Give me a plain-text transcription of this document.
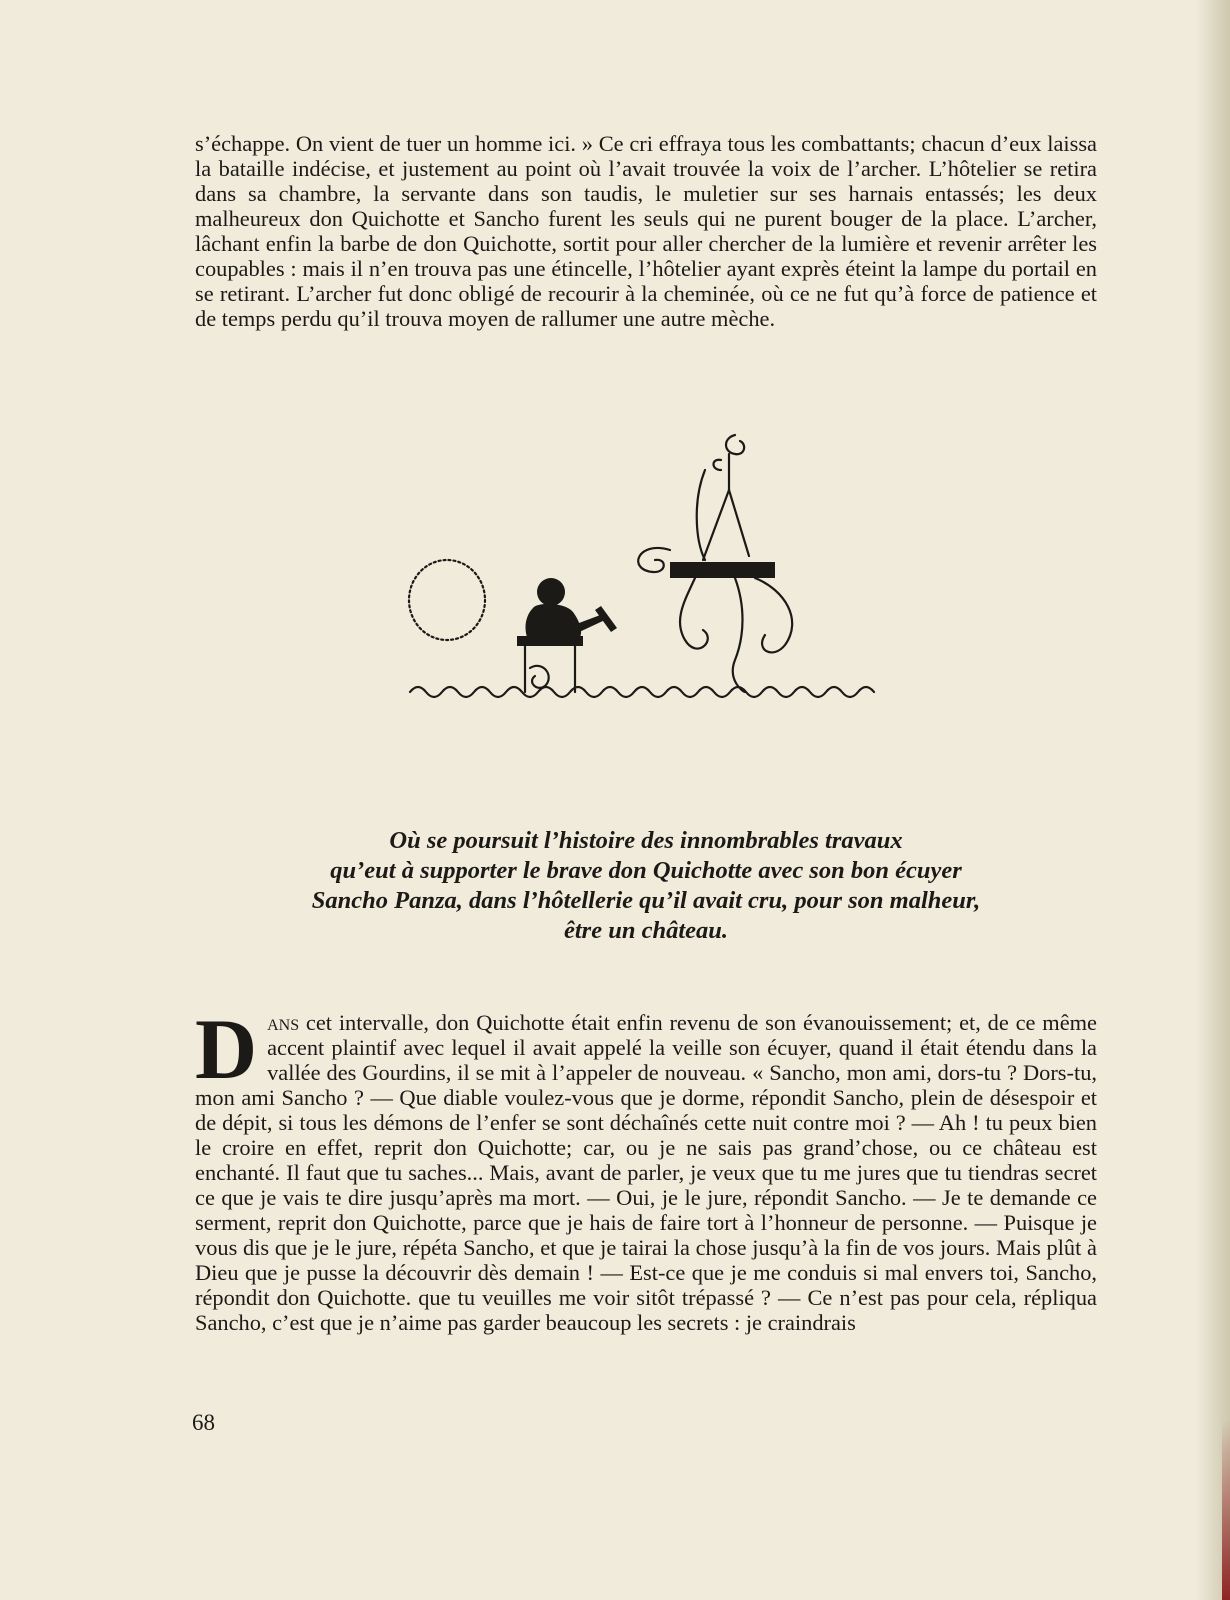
s’échappe. On vient de tuer un homme ici. » Ce cri effraya tous les combattants; chacun d’eux laissa la bataille indécise, et justement au point où l’avait trouvée la voix de l’archer. L’hôtelier se retira dans sa chambre, la servante dans son taudis, le muletier sur ses harnais entassés; les deux malheureux don Quichotte et Sancho furent les seuls qui ne purent bouger de la place. L’archer, lâchant enfin la barbe de don Quichotte, sortit pour aller chercher de la lumière et revenir arrêter les coupables : mais il n’en trouva pas une étincelle, l’hôtelier ayant exprès éteint la lampe du portail en se retirant. L’archer fut donc obligé de recourir à la cheminée, où ce ne fut qu’à force de patience et de temps perdu qu’il trouva moyen de rallumer une autre mèche.

Où se poursuit l’histoire des innombrables travaux
qu’eut à supporter le brave don Quichotte avec son bon écuyer
Sancho Panza, dans l’hôtellerie qu’il avait cru, pour son malheur,
être un château.

Dans cet intervalle, don Quichotte était enfin revenu de son évanouissement; et, de ce même accent plaintif avec lequel il avait appelé la veille son écuyer, quand il était étendu dans la vallée des Gourdins, il se mit à l’appeler de nouveau. « Sancho, mon ami, dors-tu ? Dors-tu, mon ami Sancho ? — Que diable voulez-vous que je dorme, répondit Sancho, plein de désespoir et de dépit, si tous les démons de l’enfer se sont déchaînés cette nuit contre moi ? — Ah ! tu peux bien le croire en effet, reprit don Quichotte; car, ou je ne sais pas grand’chose, ou ce château est enchanté. Il faut que tu saches... Mais, avant de parler, je veux que tu me jures que tu tiendras secret ce que je vais te dire jusqu’après ma mort. — Oui, je le jure, répondit Sancho. — Je te demande ce serment, reprit don Quichotte, parce que je hais de faire tort à l’honneur de personne. — Puisque je vous dis que je le jure, répéta Sancho, et que je tairai la chose jusqu’à la fin de vos jours. Mais plût à Dieu que je pusse la découvrir dès demain ! — Est-ce que je me conduis si mal envers toi, Sancho, répondit don Quichotte. que tu veuilles me voir sitôt trépassé ? — Ce n’est pas pour cela, répliqua Sancho, c’est que je n’aime pas garder beaucoup les secrets : je craindrais

68
